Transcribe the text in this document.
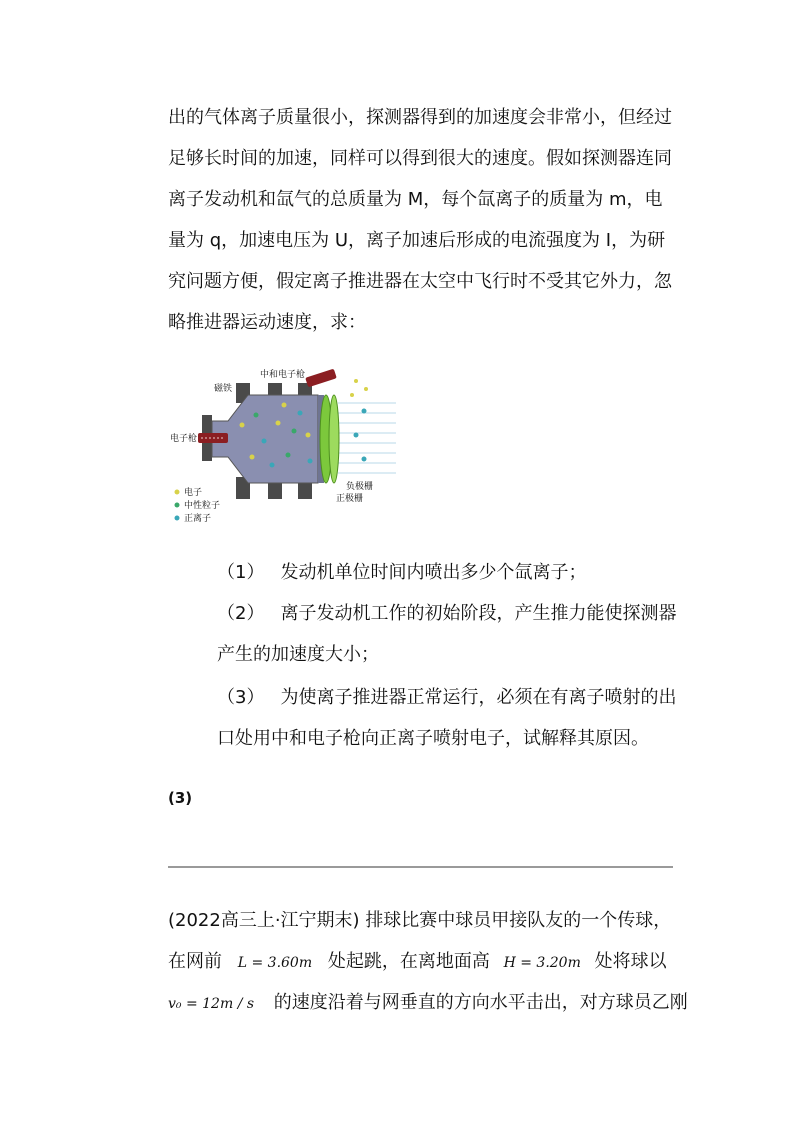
出的气体离子质量很小，探测器得到的加速度会非常小，但经过
足够长时间的加速，同样可以得到很大的速度。假如探测器连同
离子发动机和氙气的总质量为 M，每个氙离子的质量为 m，电
量为 q，加速电压为 U，离子加速后形成的电流强度为 I，为研
究问题方便，假定离子推进器在太空中飞行时不受其它外力，忽
略推进器运动速度，求：
中和电子枪
磁铁
电子枪
负极栅
正极栅
电子
中性粒子
正离子
（1） 发动机单位时间内喷出多少个氙离子；
（2） 离子发动机工作的初始阶段，产生推力能使探测器
产生的加速度大小；
（3） 为使离子推进器正常运行，必须在有离子喷射的出
口处用中和电子枪向正离子喷射电子，试解释其原因。
(3)
(2022高三上·江宁期末) 排球比赛中球员甲接队友的一个传球，
在网前 L = 3.60m 处起跳，在离地面高 H = 3.20m 处将球以
v₀ = 12m / s 的速度沿着与网垂直的方向水平击出，对方球员乙刚
